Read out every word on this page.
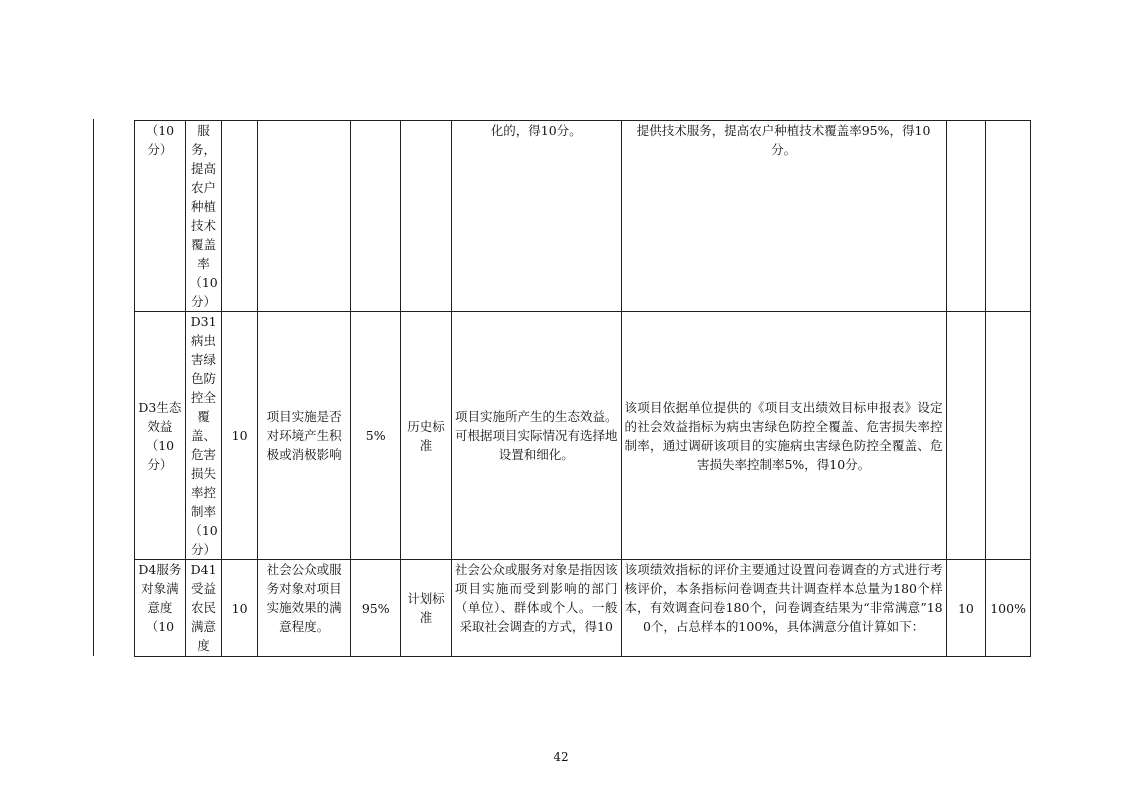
（10分）	服务，提高农户种植技术覆盖率（10分）					化的，得10分。	提供技术服务，提高农户种植技术覆盖率95%，得10分。		
D3生态效益（10分）	D31病虫害绿色防控全覆盖、危害损失率控制率（10分）	10	项目实施是否对环境产生积极或消极影响	5%	历史标准	项目实施所产生的生态效益。可根据项目实际情况有选择地设置和细化。	该项目依据单位提供的《项目支出绩效目标申报表》设定的社会效益指标为病虫害绿色防控全覆盖、危害损失率控制率，通过调研该项目的实施病虫害绿色防控全覆盖、危害损失率控制率5%，得10分。		

D4服务对象满意度（10	D41受益农民满意度	10	社会公众或服务对象对项目实施效果的满意程度。	95%	计划标准	社会公众或服务对象是指因该项目实施而受到影响的部门（单位）、群体或个人。一般采取社会调查的方式，得10	该项绩效指标的评价主要通过设置问卷调查的方式进行考核评价，本条指标问卷调查共计调查样本总量为180个样本，有效调查问卷180个，问卷调查结果为“非常满意”180个，占总样本的100%，具体满意分值计算如下：	10	100%
42
